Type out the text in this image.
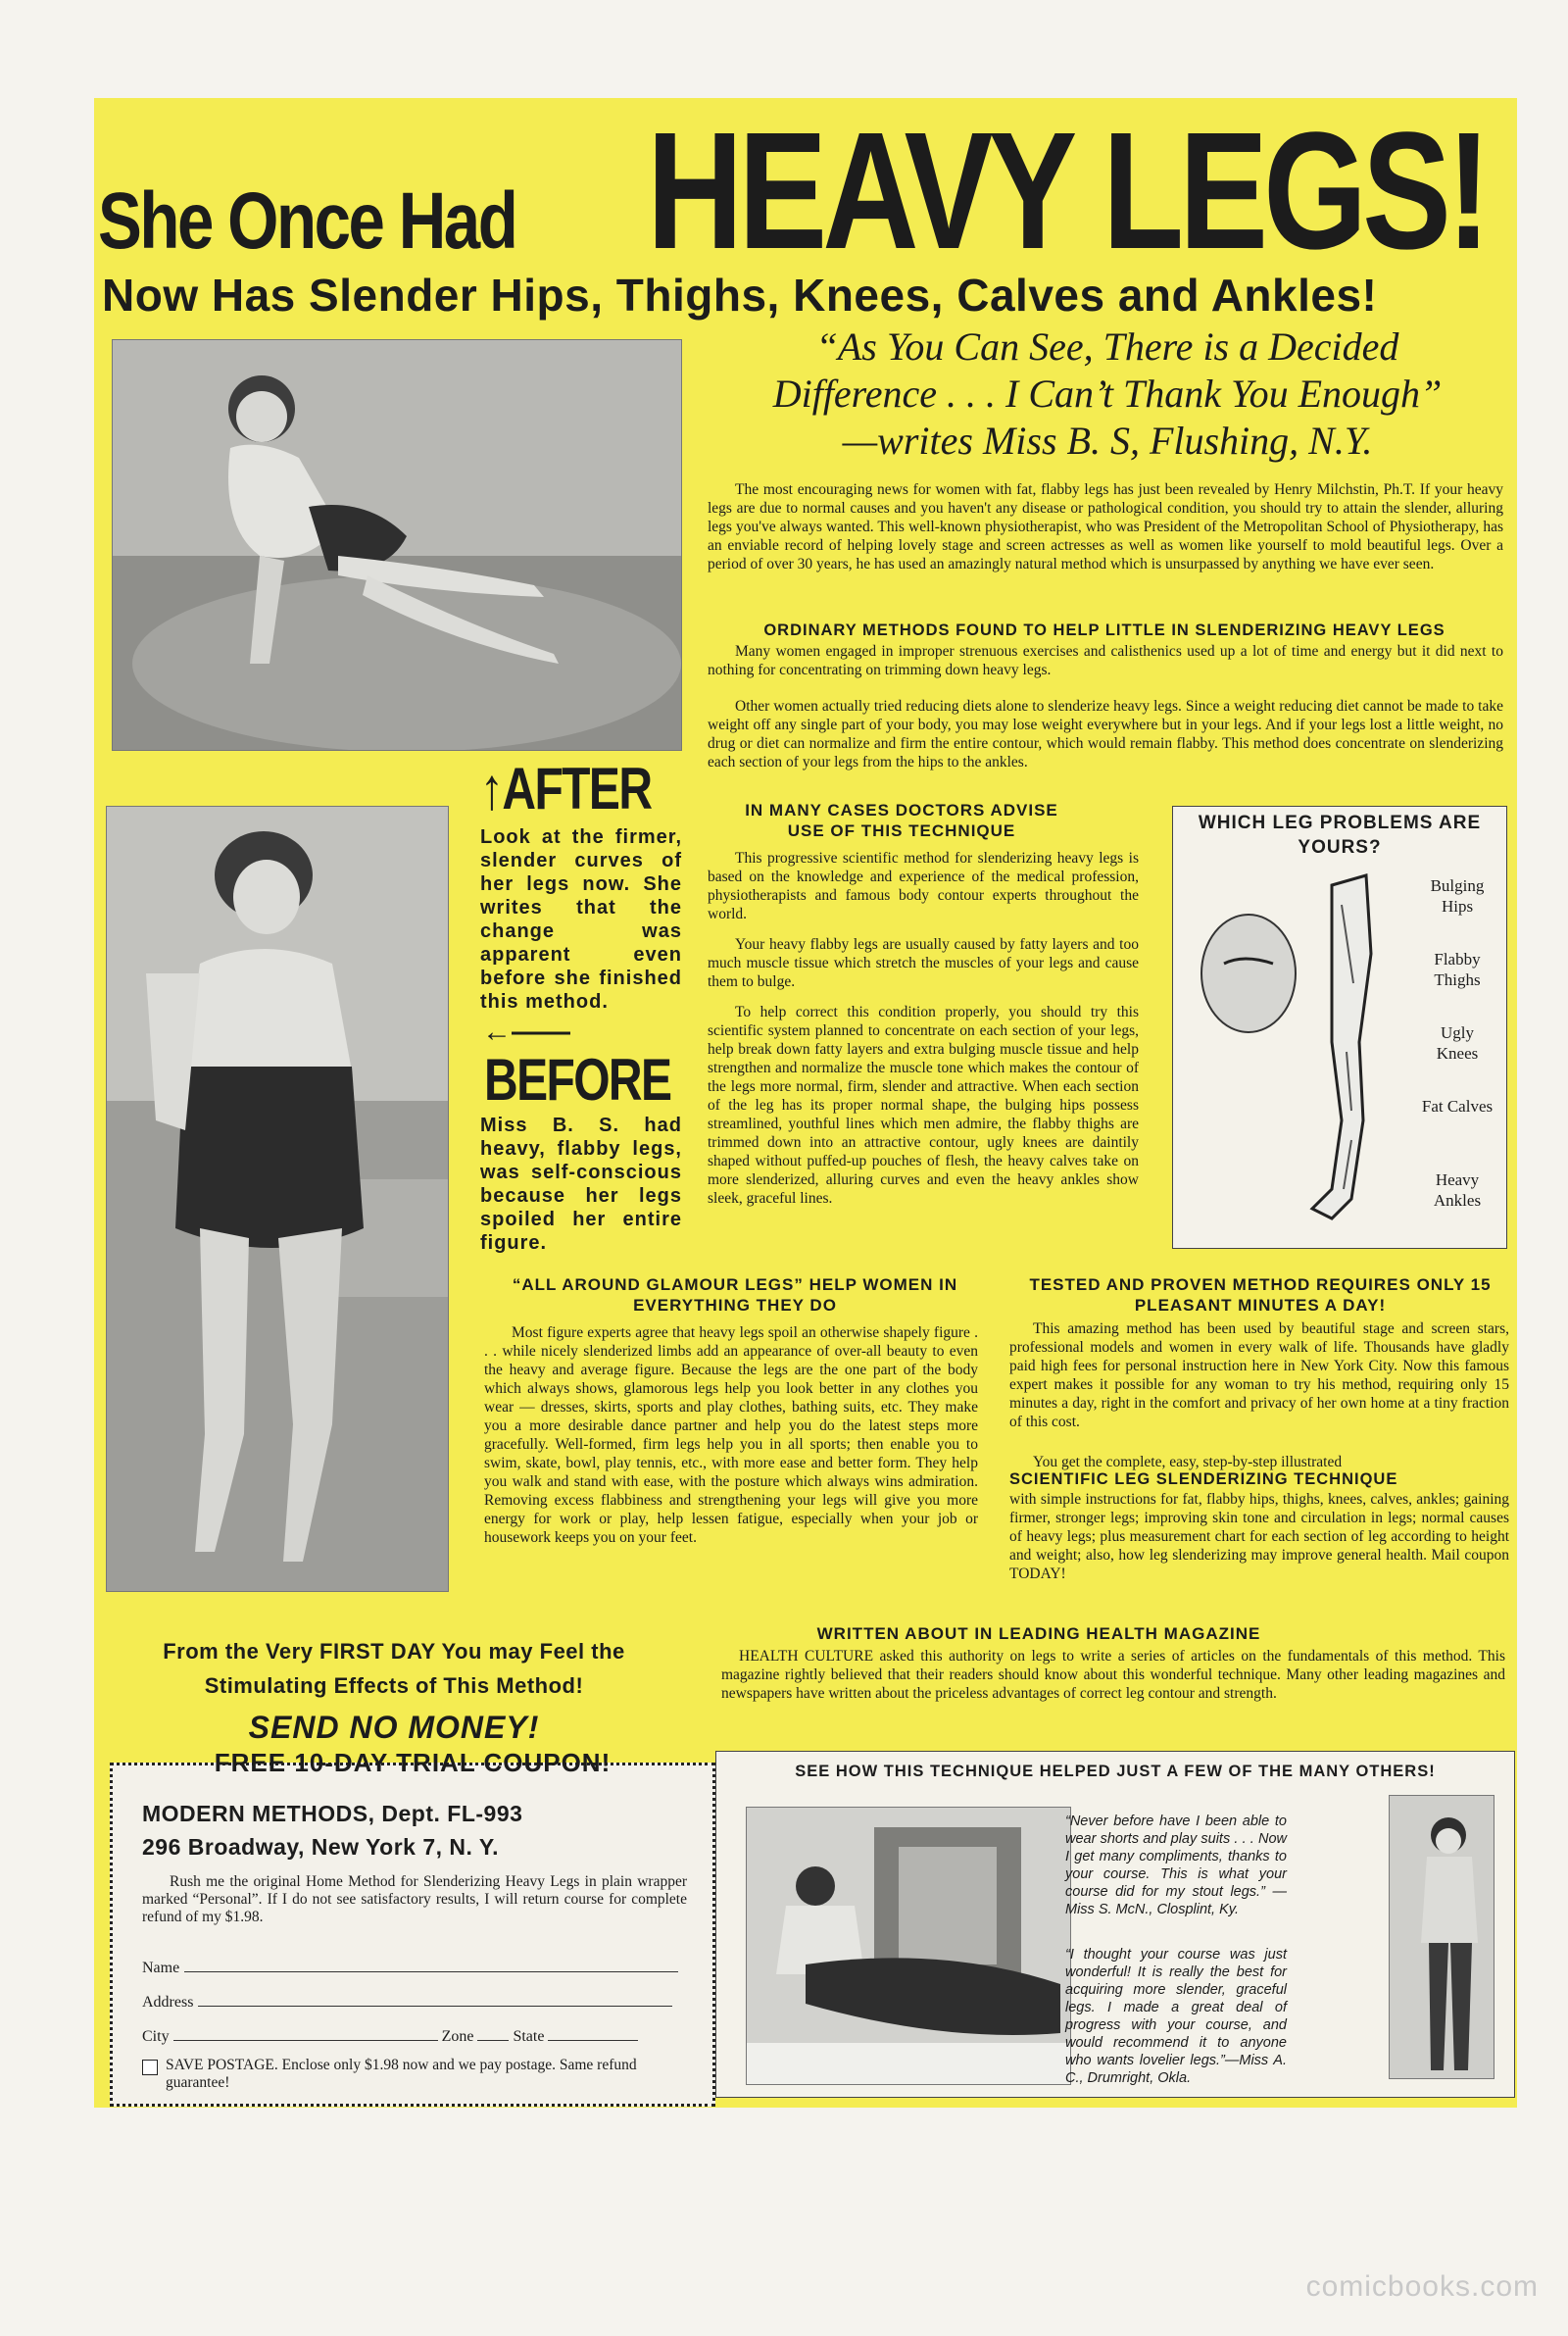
She Once Had HEAVY LEGS!
Now Has Slender Hips, Thighs, Knees, Calves and Ankles!
“As You Can See, There is a Decided
Difference . . . I Can’t Thank You Enough”
—writes Miss B. S, Flushing, N.Y.
The most encouraging news for women with fat, flabby legs has just been revealed by Henry Milchstin, Ph.T. If your heavy legs are due to normal causes and you haven't any disease or pathological condition, you should try to attain the slender, alluring legs you've always wanted. This well-known physiotherapist, who was President of the Metropolitan School of Physiotherapy, has an enviable record of helping lovely stage and screen actresses as well as women like yourself to mold beautiful legs. Over a period of over 30 years, he has used an amazingly natural method which is unsurpassed by anything we have ever seen.
ORDINARY METHODS FOUND TO HELP LITTLE IN SLENDERIZING HEAVY LEGS
Many women engaged in improper strenuous exercises and calisthenics used up a lot of time and energy but it did next to nothing for concentrating on trimming down heavy legs.
Other women actually tried reducing diets alone to slenderize heavy legs. Since a weight reducing diet cannot be made to take weight off any single part of your body, you may lose weight everywhere but in your legs. And if your legs lost a little weight, no drug or diet can normalize and firm the entire contour, which would remain flabby. This method does concentrate on slenderizing each section of your legs from the hips to the ankles.
↑AFTER
Look at the firmer, slender curves of her legs now. She writes that the change was apparent even before she finished this method.
←——
BEFORE
Miss B. S. had heavy, flabby legs, was self-conscious because her legs spoiled her entire figure.
IN MANY CASES DOCTORS ADVISE USE OF THIS TECHNIQUE
This progressive scientific method for slenderizing heavy legs is based on the knowledge and experience of the medical profession, physiotherapists and famous body contour experts throughout the world.
Your heavy flabby legs are usually caused by fatty layers and too much muscle tissue which stretch the muscles of your legs and cause them to bulge.
To help correct this condition properly, you should try this scientific system planned to concentrate on each section of your legs, help break down fatty layers and extra bulging muscle tissue and help strengthen and normalize the muscle tone which makes the contour of the legs more normal, firm, slender and attractive. When each section of the leg has its proper normal shape, the bulging hips possess streamlined, youthful lines which men admire, the flabby thighs are trimmed down into an attractive contour, ugly knees are daintily shaped without puffed-up pouches of flesh, the heavy calves take on more slenderized, alluring curves and even the heavy ankles show sleek, graceful lines.
WHICH LEG PROBLEMS ARE YOURS?
Bulging Hips
Flabby Thighs
Ugly Knees
Fat Calves
Heavy Ankles
“ALL AROUND GLAMOUR LEGS” HELP WOMEN IN EVERYTHING THEY DO
Most figure experts agree that heavy legs spoil an otherwise shapely figure . . . while nicely slenderized limbs add an appearance of over-all beauty to even the heavy and average figure. Because the legs are the one part of the body which always shows, glamorous legs help you look better in any clothes you wear — dresses, skirts, sports and play clothes, bathing suits, etc. They make you a more desirable dance partner and help you do the latest steps more gracefully. Well-formed, firm legs help you in all sports; then enable you to swim, skate, bowl, play tennis, etc., with more ease and better form. They help you walk and stand with ease, with the posture which always wins admiration. Removing excess flabbiness and strengthening your legs will give you more energy for work or play, help lessen fatigue, especially when your job or housework keeps you on your feet.
TESTED AND PROVEN METHOD REQUIRES ONLY 15 PLEASANT MINUTES A DAY!
This amazing method has been used by beautiful stage and screen stars, professional models and women in every walk of life. Thousands have gladly paid high fees for personal instruction here in New York City. Now this famous expert makes it possible for any woman to try his method, requiring only 15 minutes a day, right in the comfort and privacy of her own home at a tiny fraction of this cost.
You get the complete, easy, step-by-step illustrated
SCIENTIFIC LEG SLENDERIZING TECHNIQUE
with simple instructions for fat, flabby hips, thighs, knees, calves, ankles; gaining firmer, stronger legs; improving skin tone and circulation in legs; normal causes of heavy legs; plus measurement chart for each section of leg according to height and weight; also, how leg slenderizing may improve general health. Mail coupon TODAY!
WRITTEN ABOUT IN LEADING HEALTH MAGAZINE
HEALTH CULTURE asked this authority on legs to write a series of articles on the fundamentals of this method. This magazine rightly believed that their readers should know about this wonderful technique. Many other leading magazines and newspapers have written about the priceless advantages of correct leg contour and strength.
From the Very FIRST DAY You may Feel the
Stimulating Effects of This Method!
SEND NO MONEY!
FREE 10-DAY TRIAL COUPON!
MODERN METHODS, Dept. FL-993
296 Broadway, New York 7, N. Y.
Rush me the original Home Method for Slenderizing Heavy Legs in plain wrapper marked “Personal”. If I do not see satisfactory results, I will return course for complete refund of my $1.98.
Name
Address
City	Zone	State
SAVE POSTAGE. Enclose only $1.98 now and we pay postage. Same refund guarantee!
SEE HOW THIS TECHNIQUE HELPED JUST A FEW OF THE MANY OTHERS!
“Never before have I been able to wear shorts and play suits . . . Now I get many compliments, thanks to your course. This is what your course did for my stout legs.” —Miss S. McN., Closplint, Ky.
“I thought your course was just wonderful! It is really the best for acquiring more slender, graceful legs. I made a great deal of progress with your course, and would recommend it to anyone who wants lovelier legs.”—Miss A. C., Drumright, Okla.
comicbooks.com
